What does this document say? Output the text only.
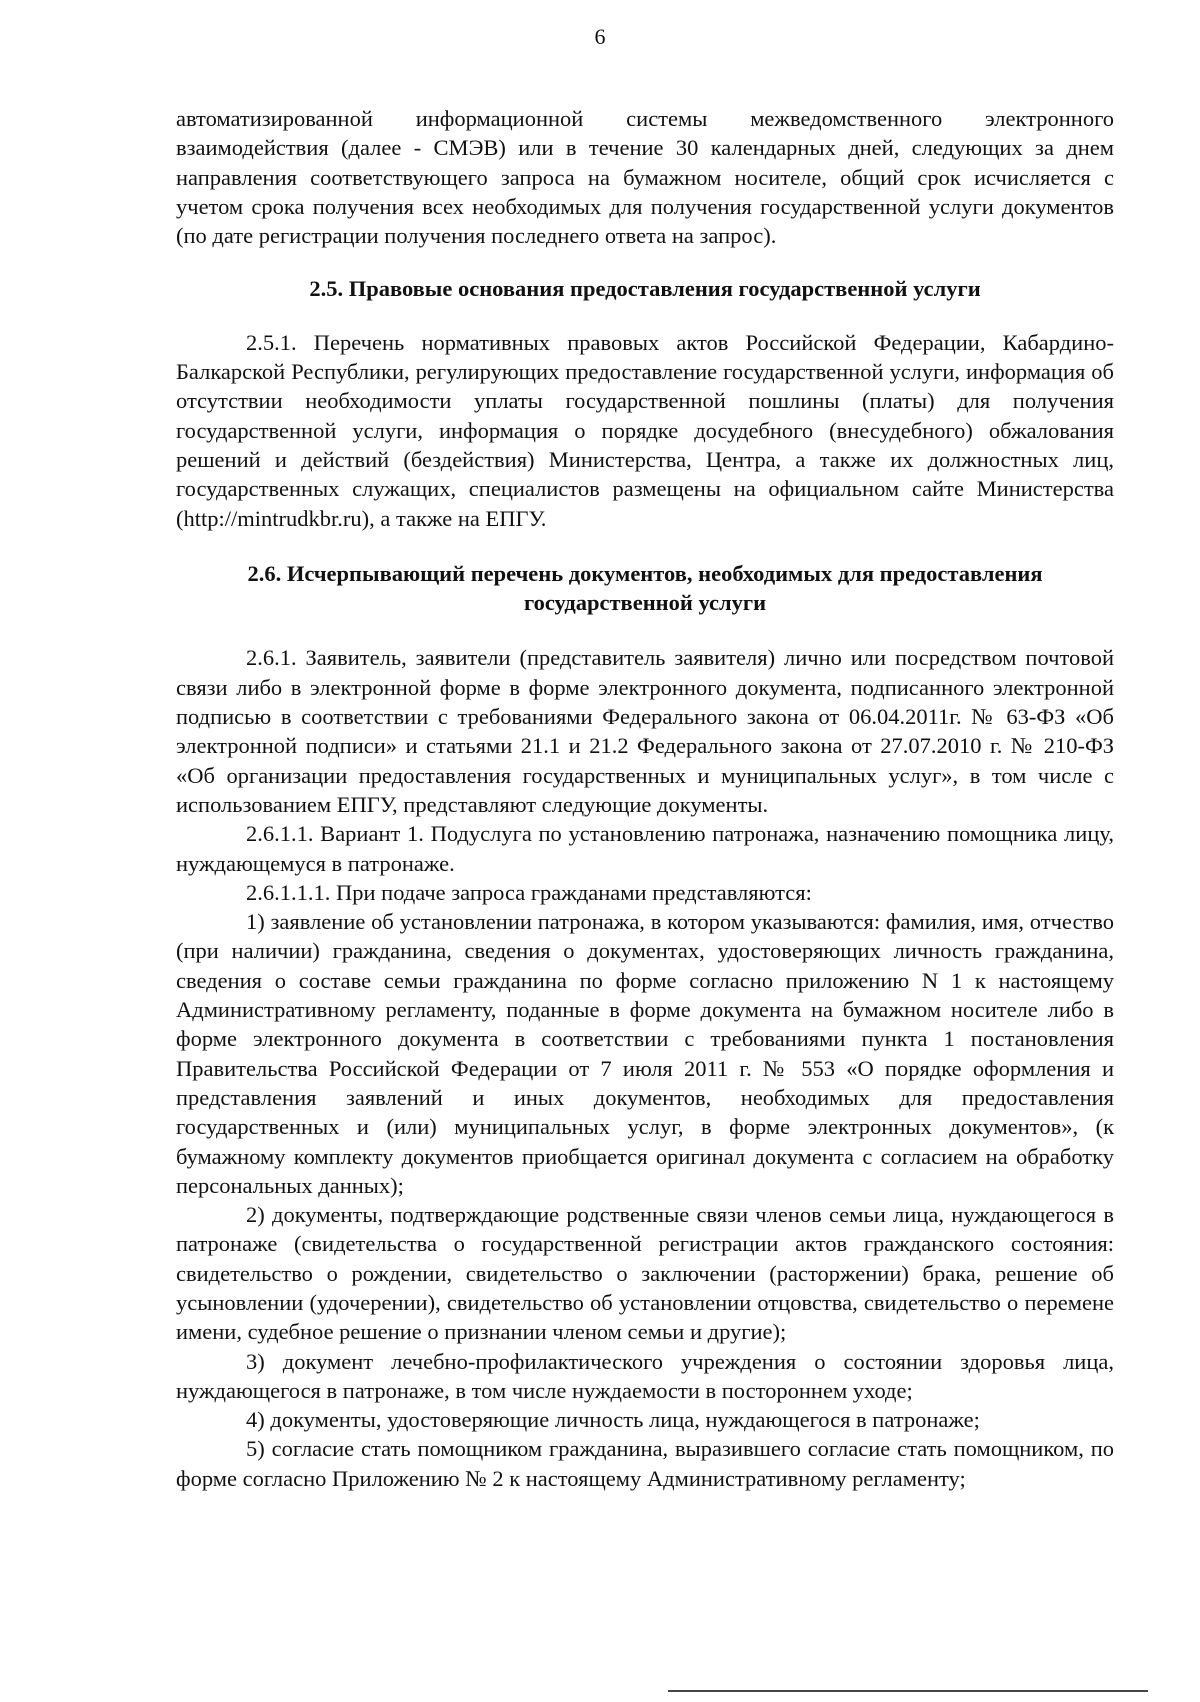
6

автоматизированной информационной системы межведомственного электронного взаимодействия (далее - СМЭВ) или в течение 30 календарных дней, следующих за днем направления соответствующего запроса на бумажном носителе, общий срок исчисляется с учетом срока получения всех необходимых для получения государственной услуги документов (по дате регистрации получения последнего ответа на запрос).

2.5. Правовые основания предоставления государственной услуги

2.5.1. Перечень нормативных правовых актов Российской Федерации, Кабардино-Балкарской Республики, регулирующих предоставление государственной услуги, информация об отсутствии необходимости уплаты государственной пошлины (платы) для получения государственной услуги, информация о порядке досудебного (внесудебного) обжалования решений и действий (бездействия) Министерства, Центра, а также их должностных лиц, государственных служащих, специалистов размещены на официальном сайте Министерства (http://mintrudkbr.ru), а также на ЕПГУ.

2.6. Исчерпывающий перечень документов, необходимых для предоставления
государственной услуги

2.6.1. Заявитель, заявители (представитель заявителя) лично или посредством почтовой связи либо в электронной форме в форме электронного документа, подписанного электронной подписью в соответствии с требованиями Федерального закона от 06.04.2011г. № 63-ФЗ «Об электронной подписи» и статьями 21.1 и 21.2 Федерального закона от 27.07.2010 г. № 210-ФЗ «Об организации предоставления государственных и муниципальных услуг», в том числе с использованием ЕПГУ, представляют следующие документы.

2.6.1.1. Вариант 1. Подуслуга по установлению патронажа, назначению помощника лицу, нуждающемуся в патронаже.

2.6.1.1.1. При подаче запроса гражданами представляются:

1) заявление об установлении патронажа, в котором указываются: фамилия, имя, отчество (при наличии) гражданина, сведения о документах, удостоверяющих личность гражданина, сведения о составе семьи гражданина по форме согласно приложению N 1 к настоящему Административному регламенту, поданные в форме документа на бумажном носителе либо в форме электронного документа в соответствии с требованиями пункта 1 постановления Правительства Российской Федерации от 7 июля 2011 г. № 553 «О порядке оформления и представления заявлений и иных документов, необходимых для предоставления государственных и (или) муниципальных услуг, в форме электронных документов», (к бумажному комплекту документов приобщается оригинал документа с согласием на обработку персональных данных);

2) документы, подтверждающие родственные связи членов семьи лица, нуждающегося в патронаже (свидетельства о государственной регистрации актов гражданского состояния: свидетельство о рождении, свидетельство о заключении (расторжении) брака, решение об усыновлении (удочерении), свидетельство об установлении отцовства, свидетельство о перемене имени, судебное решение о признании членом семьи и другие);

3) документ лечебно-профилактического учреждения о состоянии здоровья лица, нуждающегося в патронаже, в том числе нуждаемости в постороннем уходе;

4) документы, удостоверяющие личность лица, нуждающегося в патронаже;

5) согласие стать помощником гражданина, выразившего согласие стать помощником, по форме согласно Приложению № 2 к настоящему Административному регламенту;
